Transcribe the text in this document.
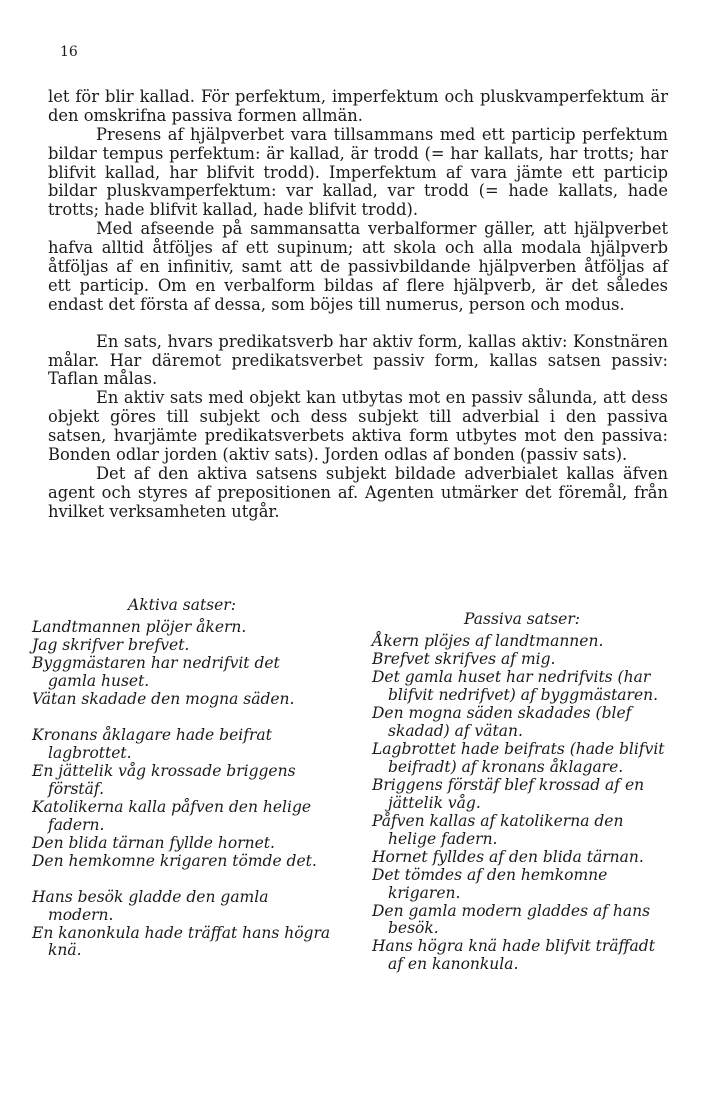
16

let för blir kallad. För perfektum, imperfektum och pluskvamperfektum är den omskrifna passiva formen allmän.

Presens af hjälpverbet vara tillsammans med ett particip perfektum bildar tempus perfektum: är kallad, är trodd (= har kallats, har trotts; har blifvit kallad, har blifvit trodd). Imperfektum af vara jämte ett particip bildar pluskvamperfektum: var kallad, var trodd (= hade kallats, hade trotts; hade blifvit kallad, hade blifvit trodd).

Med afseende på sammansatta verbalformer gäller, att hjälpverbet hafva alltid åtföljes af ett supinum; att skola och alla modala hjälpverb åtföljas af en infinitiv, samt att de passivbildande hjälpverben åtföljas af ett particip. Om en verbalform bildas af flere hjälpverb, är det således endast det första af dessa, som böjes till numerus, person och modus.

En sats, hvars predikatsverb har aktiv form, kallas aktiv: Konstnären målar. Har däremot predikatsverbet passiv form, kallas satsen passiv: Taflan målas.

En aktiv sats med objekt kan utbytas mot en passiv sålunda, att dess objekt göres till subjekt och dess subjekt till adverbial i den passiva satsen, hvarjämte predikatsverbets aktiva form utbytes mot den passiva: Bonden odlar jorden (aktiv sats). Jorden odlas af bonden (passiv sats).

Det af den aktiva satsens subjekt bildade adverbialet kallas äfven agent och styres af prepositionen af. Agenten utmärker det föremål, från hvilket verksamheten utgår.

Aktiva satser:
Landtmannen plöjer åkern.
Jag skrifver brefvet.
Byggmästaren har nedrifvit det gamla huset.
Vätan skadade den mogna säden.
Kronans åklagare hade beifrat lagbrottet.
En jättelik våg krossade briggens förstäf.
Katolikerna kalla påfven den helige fadern.
Den blida tärnan fyllde hornet.
Den hemkomne krigaren tömde det.
Hans besök gladde den gamla modern.
En kanonkula hade träffat hans högra knä.
Passiva satser:
Åkern plöjes af landtmannen.
Brefvet skrifves af mig.
Det gamla huset har nedrifvits (har blifvit nedrifvet) af byggmästaren.
Den mogna säden skadades (blef skadad) af vätan.
Lagbrottet hade beifrats (hade blifvit beifradt) af kronans åklagare.
Briggens förstäf blef krossad af en jättelik våg.
Påfven kallas af katolikerna den helige fadern.
Hornet fylldes af den blida tärnan.
Det tömdes af den hemkomne krigaren.
Den gamla modern gladdes af hans besök.
Hans högra knä hade blifvit träffadt af en kanonkula.
